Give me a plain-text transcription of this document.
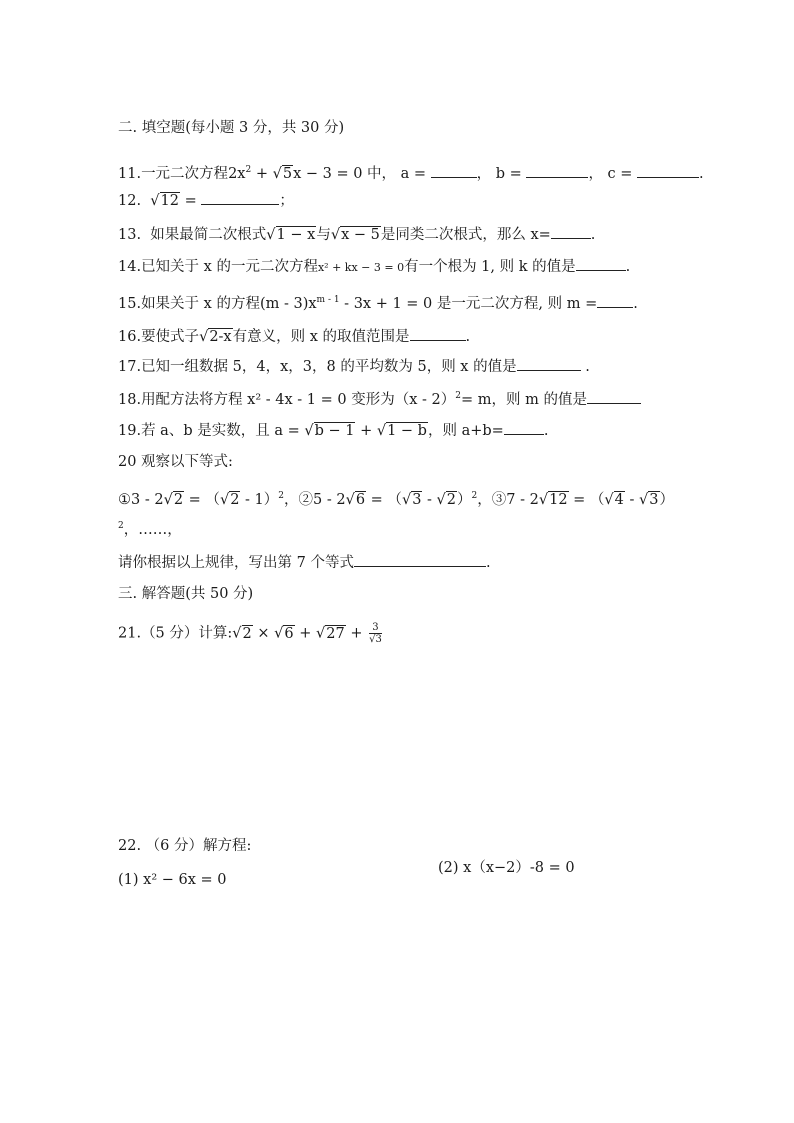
二. 填空题(每小题 3 分，共 30 分)
11.一元二次方程$2x^2 + √5x - 3 = 0$ 中， a =	， b =	， c =	.
12. √12 =	；
13. 如果最简二次根式√1 − x与√x − 5是同类二次根式，那么 x=	.
14.已知关于 x 的一元二次方程x² + kx − 3 = 0有一个根为 1, 则 k 的值是	.
15.如果关于 x 的方程$(m - 3)x^{m - 1} - 3x + 1 = 0$ 是一元二次方程, 则 m = .
16.要使式子√2-x有意义，则 x 的取值范围是	.
17.已知一组数据 5，4，x，3，8 的平均数为 5，则 x 的值是	.
18.用配方法将方程 x² - 4x - 1 = 0 变形为（x - 2）$^2$= m，则 m 的值是
19.若 a、b 是实数，且 a = √b − 1 + √1 − b，则 a+b=	.
20 观察以下等式:
①3 - 2√2 = （√2 - 1）$^2$，②5 - 2√6 = （√3 - √2）$^2$，③7 - 2√12 = （√4 - √3）
$^2$，……，
请你根据以上规律，写出第 7 个等式	.
三. 解答题(共 50 分)
21.（5 分）计算:√2 × $√6 + √27 + \frac{3}{√3}$
22. （6 分）解方程:
(2) x（x−2）-8 = 0
(1) x² − 6x = 0
